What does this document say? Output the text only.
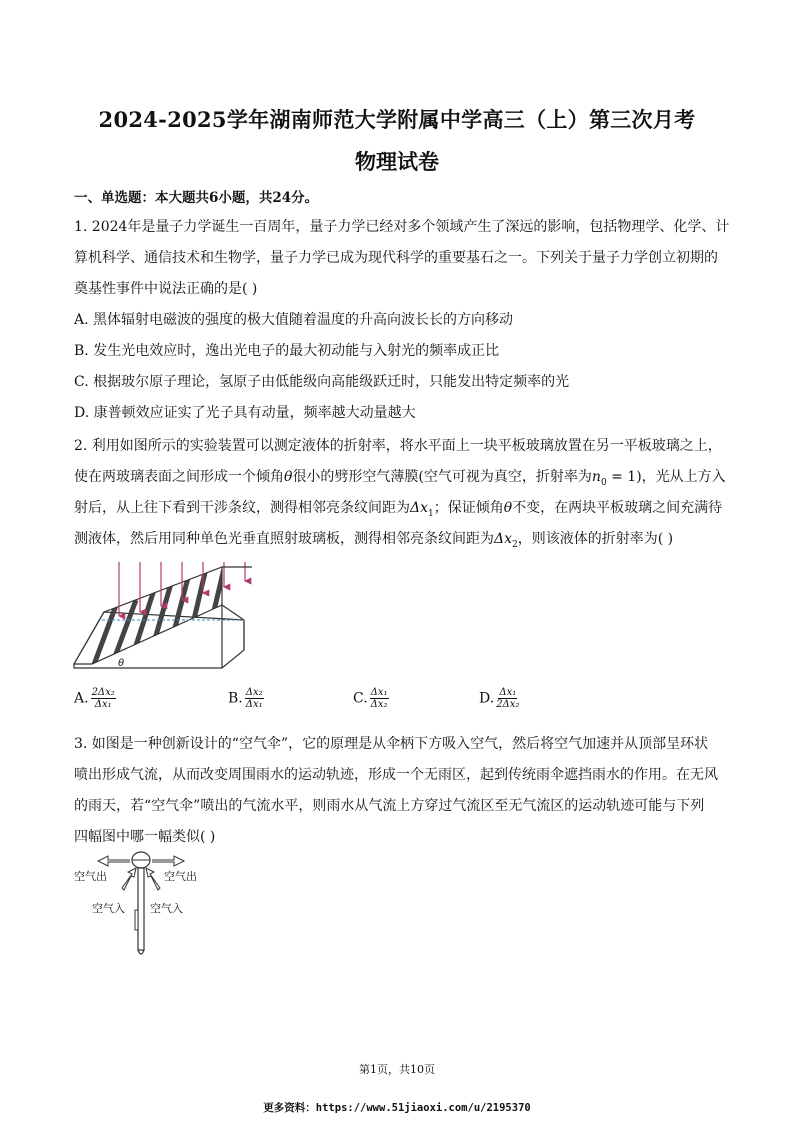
2024-2025学年湖南师范大学附属中学高三（上）第三次月考
物理试卷
一、单选题：本大题共6小题，共24分。
1. 2024年是量子力学诞生一百周年，量子力学已经对多个领域产生了深远的影响，包括物理学、化学、计
算机科学、通信技术和生物学，量子力学已成为现代科学的重要基石之一。下列关于量子力学创立初期的
奠基性事件中说法正确的是( )
A. 黑体辐射电磁波的强度的极大值随着温度的升高向波长长的方向移动
B. 发生光电效应时，逸出光电子的最大初动能与入射光的频率成正比
C. 根据玻尔原子理论，氢原子由低能级向高能级跃迁时，只能发出特定频率的光
D. 康普顿效应证实了光子具有动量，频率越大动量越大
2. 利用如图所示的实验装置可以测定液体的折射率，将水平面上一块平板玻璃放置在另一平板玻璃之上，
使在两玻璃表面之间形成一个倾角θ很小的劈形空气薄膜(空气可视为真空，折射率为$n_0 = 1$)，光从上方入
射后，从上往下看到干涉条纹，测得相邻亮条纹间距为$\Delta x_1$；保证倾角θ不变，在两块平板玻璃之间充满待
测液体，然后用同种单色光垂直照射玻璃板，测得相邻亮条纹间距为$\Delta x_2$，则该液体的折射率为( )
θ
A. $\frac{\text{2Δx₂}}{\text{Δx₁}}$	B. $\frac{\text{Δx₂}}{\text{Δx₁}}$	C. $\frac{\text{Δx₁}}{\text{Δx₂}}$	D. $\frac{\text{Δx₁}}{\text{2Δx₂}}$
3. 如图是一种创新设计的“空气伞”，它的原理是从伞柄下方吸入空气，然后将空气加速并从顶部呈环状
喷出形成气流，从而改变周围雨水的运动轨迹，形成一个无雨区，起到传统雨伞遮挡雨水的作用。在无风
的雨天，若“空气伞”喷出的气流水平，则雨水从气流上方穿过气流区至无气流区的运动轨迹可能与下列
四幅图中哪一幅类似( )
空气出	空气出
空气入 空气入
第1页，共10页
更多资料：https://www.51jiaoxi.com/u/2195370
